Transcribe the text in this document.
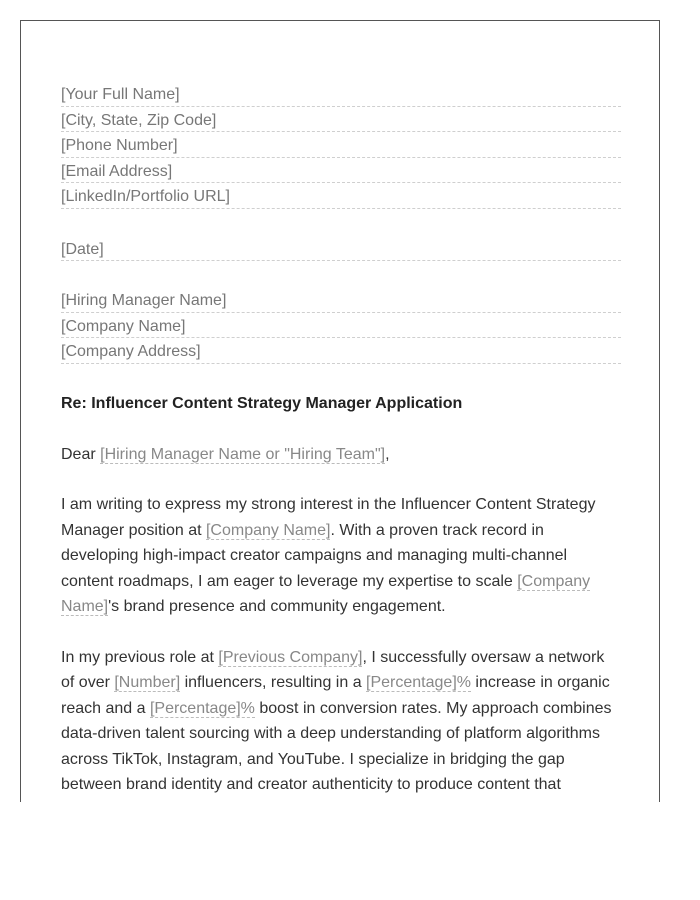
[Your Full Name]
[City, State, Zip Code]
[Phone Number]
[Email Address]
[LinkedIn/Portfolio URL]
[Date]
[Hiring Manager Name]
[Company Name]
[Company Address]
Re: Influencer Content Strategy Manager Application

Dear [Hiring Manager Name or "Hiring Team"],

I am writing to express my strong interest in the Influencer Content Strategy Manager position at [Company Name]. With a proven track record in developing high-impact creator campaigns and managing multi-channel content roadmaps, I am eager to leverage my expertise to scale [Company Name]'s brand presence and community engagement.

In my previous role at [Previous Company], I successfully oversaw a network of over [Number] influencers, resulting in a [Percentage]% increase in organic reach and a [Percentage]% boost in conversion rates. My approach combines data-driven talent sourcing with a deep understanding of platform algorithms across TikTok, Instagram, and YouTube. I specialize in bridging the gap between brand identity and creator authenticity to produce content that
